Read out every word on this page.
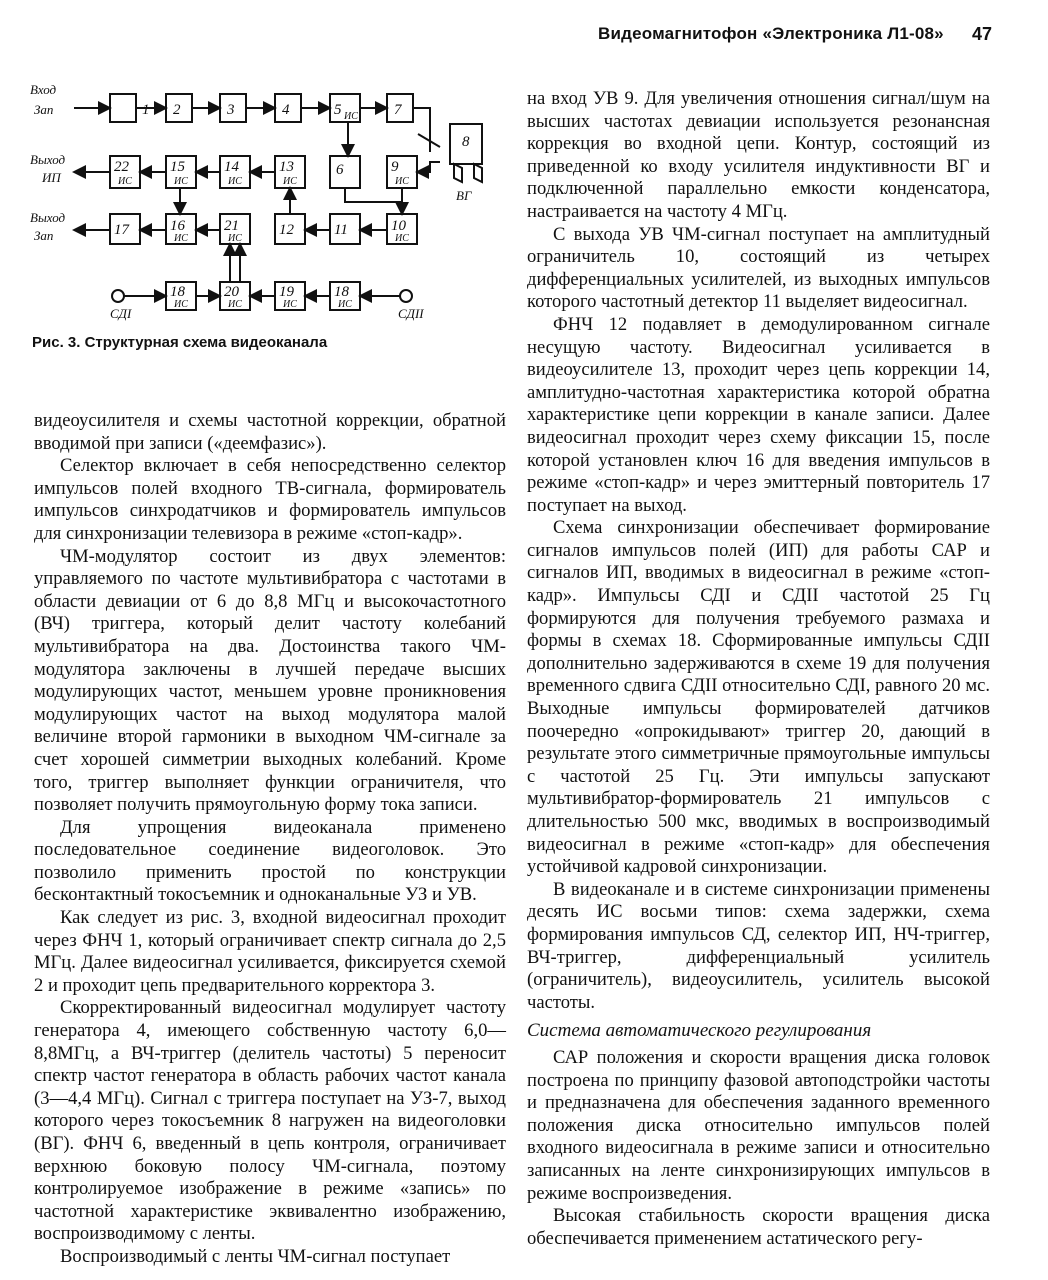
Видеомагнитофон «Электроника Л1-08» 47
1 2	3	4	5	7
8
22	15	14	13	6	9
17	16	21	12	11	10
18	20	19	18
ИС
ИС	ИС	ИС	ИС	ИС
ИС	ИС	ИС
ИС	ИС	ИС	ИС
Вход
Зап
Выход
ИП
Выход
Зап
СДI	СДII
ВГ
Рис. 3. Структурная схема видеоканала

видеоусилителя и схемы частотной коррекции, обратной вводимой при записи («деемфазис»).

Селектор включает в себя непосредственно селектор импульсов полей входного ТВ-сигнала, формирователь импульсов синхродатчиков и формирователь импульсов для синхронизации телевизора в режиме «стоп-кадр».

ЧМ-модулятор состоит из двух элементов: управляемого по частоте мультивибратора с частотами в области девиации от 6 до 8,8 МГц и высокочастотного (ВЧ) триггера, который делит частоту колебаний мультивибратора на два. Достоинства такого ЧМ-модулятора заключены в лучшей передаче высших модулирующих частот, меньшем уровне проникновения модулирующих частот на выход модулятора малой величине второй гармоники в выходном ЧМ-сигнале за счет хорошей симметрии выходных колебаний. Кроме того, триггер выполняет функции ограничителя, что позволяет получить прямоугольную форму тока записи.

Для упрощения видеоканала применено последовательное соединение видеоголовок. Это позволило применить простой по конструкции бесконтактный токосъемник и одноканальные УЗ и УВ.

Как следует из рис. 3, входной видеосигнал проходит через ФНЧ 1, который ограничивает спектр сигнала до 2,5 МГц. Далее видеосигнал усиливается, фиксируется схемой 2 и проходит цепь предварительного корректора 3.

Скорректированный видеосигнал модулирует частоту генератора 4, имеющего собственную частоту 6,0—8,8МГц, а ВЧ-триггер (делитель частоты) 5 переносит спектр частот генератора в область рабочих частот канала (3—4,4 МГц). Сигнал с триггера поступает на УЗ-7, выход которого через токосъемник 8 нагружен на видеоголовки (ВГ). ФНЧ 6, введенный в цепь контроля, ограничивает верхнюю боковую полосу ЧМ-сигнала, поэтому контролируемое изображение в режиме «запись» по частотной характеристике эквивалентно изображению, воспроизводимому с ленты.

Воспроизводимый с ленты ЧМ-сигнал поступает

на вход УВ 9. Для увеличения отношения сигнал/шум на высших частотах девиации используется резонансная коррекция во входной цепи. Контур, состоящий из приведенной ко входу усилителя индуктивности ВГ и подключенной параллельно емкости конденсатора, настраивается на частоту 4 МГц.

С выхода УВ ЧМ-сигнал поступает на амплитудный ограничитель 10, состоящий из четырех дифференциальных усилителей, из выходных импульсов которого частотный детектор 11 выделяет видеосигнал.

ФНЧ 12 подавляет в демодулированном сигнале несущую частоту. Видеосигнал усиливается в видеоусилителе 13, проходит через цепь коррекции 14, амплитудно-частотная характеристика которой обратна характеристике цепи коррекции в канале записи. Далее видеосигнал проходит через схему фиксации 15, после которой установлен ключ 16 для введения импульсов в режиме «стоп-кадр» и через эмиттерный повторитель 17 поступает на выход.

Схема синхронизации обеспечивает формирование сигналов импульсов полей (ИП) для работы САР и сигналов ИП, вводимых в видеосигнал в режиме «стоп-кадр». Импульсы СДI и СДII частотой 25 Гц формируются для получения требуемого размаха и формы в схемах 18. Сформированные импульсы СДII дополнительно задерживаются в схеме 19 для получения временного сдвига СДII относительно СДI, равного 20 мс. Выходные импульсы формирователей датчиков поочередно «опрокидывают» триггер 20, дающий в результате этого симметричные прямоугольные импульсы с частотой 25 Гц. Эти импульсы запускают мультивибратор-формирователь 21 импульсов с длительностью 500 мкс, вводимых в воспроизводимый видеосигнал в режиме «стоп-кадр» для обеспечения устойчивой кадровой синхронизации.

В видеоканале и в системе синхронизации применены десять ИС восьми типов: схема задержки, схема формирования импульсов СД, селектор ИП, НЧ-триггер, ВЧ-триггер, дифференциальный усилитель (ограничитель), видеоусилитель, усилитель высокой частоты.

Система автоматического регулирования

САР положения и скорости вращения диска головок построена по принципу фазовой автоподстройки частоты и предназначена для обеспечения заданного временного положения диска относительно импульсов полей входного видеосигнала в режиме записи и относительно записанных на ленте синхронизирующих импульсов в режиме воспроизведения.

Высокая стабильность скорости вращения диска обеспечивается применением астатического регу-
